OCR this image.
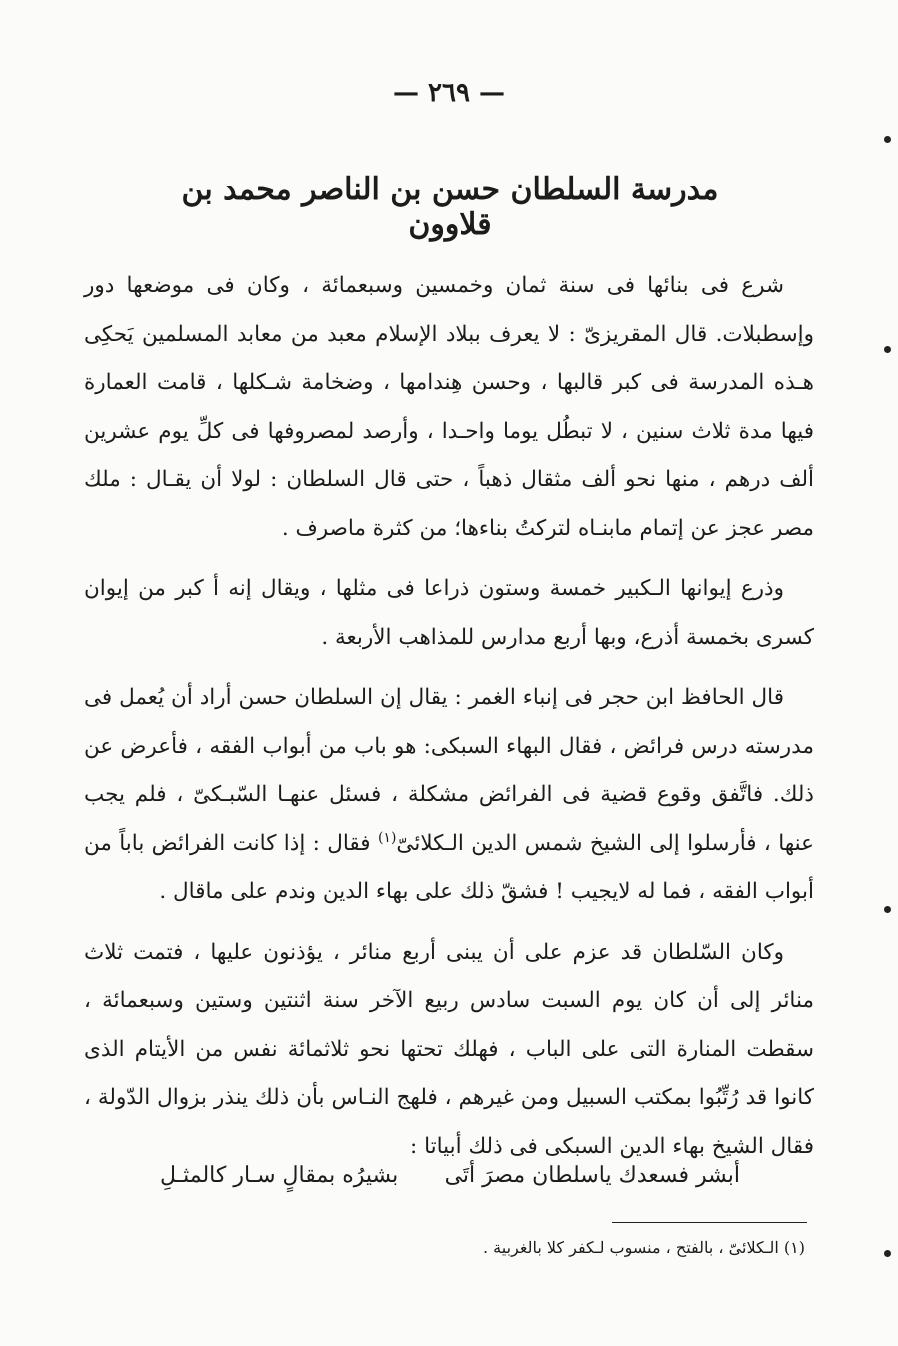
— ٢٦٩ —
مدرسة السلطان حسن بن الناصر محمد بن قلاوون

شرع فى بنائها فى سنة ثمان وخمسين وسبعمائة ، وكان فى موضعها دور وإسطبلات. قال المقريزىّ : لا يعرف ببلاد الإسلام معبد من معابد المسلمين يَحكِى هـذه المدرسة فى كبر قالبها ، وحسن هِندامها ، وضخامة شـكلها ، قامت العمارة فيها مدة ثلاث سنين ، لا تبطُل يوما واحـدا ، وأرصد لمصروفها فى كلِّ يوم عشرين ألف درهم ، منها نحو ألف مثقال ذهباً ، حتى قال السلطان : لولا أن يقـال : ملك مصر عجز عن إتمام مابنـاه لتركتُ بناءها؛ من كثرة ماصرف .

وذرع إيوانها الـكبير خمسة وستون ذراعا فى مثلها ، ويقال إنه أ كبر من إيوان كسرى بخمسة أذرع، وبها أربع مدارس للمذاهب الأربعة .

قال الحافظ ابن حجر فى إنباء الغمر : يقال إن السلطان حسن أراد أن يُعمل فى مدرسته درس فرائض ، فقال البهاء السبكى: هو باب من أبواب الفقه ، فأعرض عن ذلك. فاتَّفق وقوع قضية فى الفرائض مشكلة ، فسئل عنهـا السّبـكىّ ، فلم يجب عنها ، فأرسلوا إلى الشيخ شمس الدين الـكلائىّ$^{(١)}$ فقال : إذا كانت الفرائض باباً من أبواب الفقه ، فما له لايجيب ! فشقّ ذلك على بهاء الدين وندم على ماقال .

وكان السّلطان قد عزم على أن يبنى أربع منائر ، يؤذنون عليها ، فتمت ثلاث منائر إلى أن كان يوم السبت سادس ربيع الآخر سنة اثنتين وستين وسبعمائة ، سقطت المنارة التى على الباب ، فهلك تحتها نحو ثلاثمائة نفس من الأيتام الذى كانوا قد رُتِّبُوا بمكتب السبيل ومن غيرهم ، فلهج النـاس بأن ذلك ينذر بزوال الدّولة ، فقال الشيخ بهاء الدين السبكى فى ذلك أبياتا :

أبشر فسعدك ياسلطان مصرَ أتَى
بشيرُه بمقالٍ سـار كالمثـلِ

(١) الـكلائىّ ، بالفتح ، منسوب لـكفر كلا بالغربية .
